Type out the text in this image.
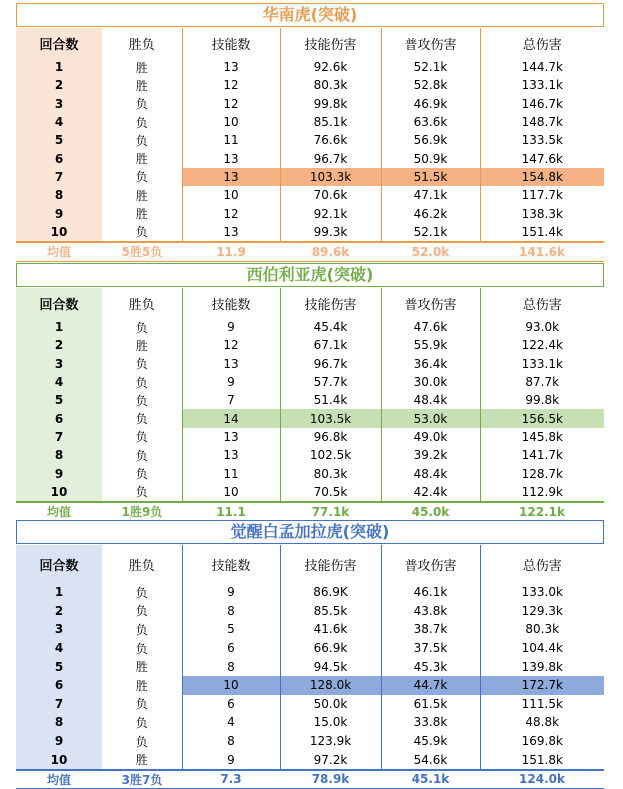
华南虎(突破)
回合数	胜负	技能数	技能伤害	普攻伤害	总伤害
1	胜	13	92.6k	52.1k	144.7k
2	胜	12	80.3k	52.8k	133.1k
3	负	12	99.8k	46.9k	146.7k
4	负	10	85.1k	63.6k	148.7k
5	负	11	76.6k	56.9k	133.5k
6	胜	13	96.7k	50.9k	147.6k
7	负	13	103.3k	51.5k	154.8k
8	胜	10	70.6k	47.1k	117.7k
9	胜	12	92.1k	46.2k	138.3k
10	负	13	99.3k	52.1k	151.4k
均值	5胜5负	11.9	89.6k	52.0k	141.6k
西伯利亚虎(突破)
回合数	胜负	技能数	技能伤害	普攻伤害	总伤害
1	负	9	45.4k	47.6k	93.0k
2	胜	12	67.1k	55.9k	122.4k
3	负	13	96.7k	36.4k	133.1k
4	负	9	57.7k	30.0k	87.7k
5	负	7	51.4k	48.4k	99.8k
6	负	14	103.5k	53.0k	156.5k
7	负	13	96.8k	49.0k	145.8k
8	负	13	102.5k	39.2k	141.7k
9	负	11	80.3k	48.4k	128.7k
10	负	10	70.5k	42.4k	112.9k
均值	1胜9负	11.1	77.1k	45.0k	122.1k
觉醒白孟加拉虎(突破)
回合数	胜负	技能数	技能伤害	普攻伤害	总伤害
1	负	9	86.9K	46.1k	133.0k
2	负	8	85.5k	43.8k	129.3k
3	负	5	41.6k	38.7k	80.3k
4	负	6	66.9k	37.5k	104.4k
5	胜	8	94.5k	45.3k	139.8k
6	胜	10	128.0k	44.7k	172.7k
7	负	6	50.0k	61.5k	111.5k
8	负	4	15.0k	33.8k	48.8k
9	负	8	123.9k	45.9k	169.8k
10	胜	9	97.2k	54.6k	151.8k
均值	3胜7负	7.3	78.9k	45.1k	124.0k
